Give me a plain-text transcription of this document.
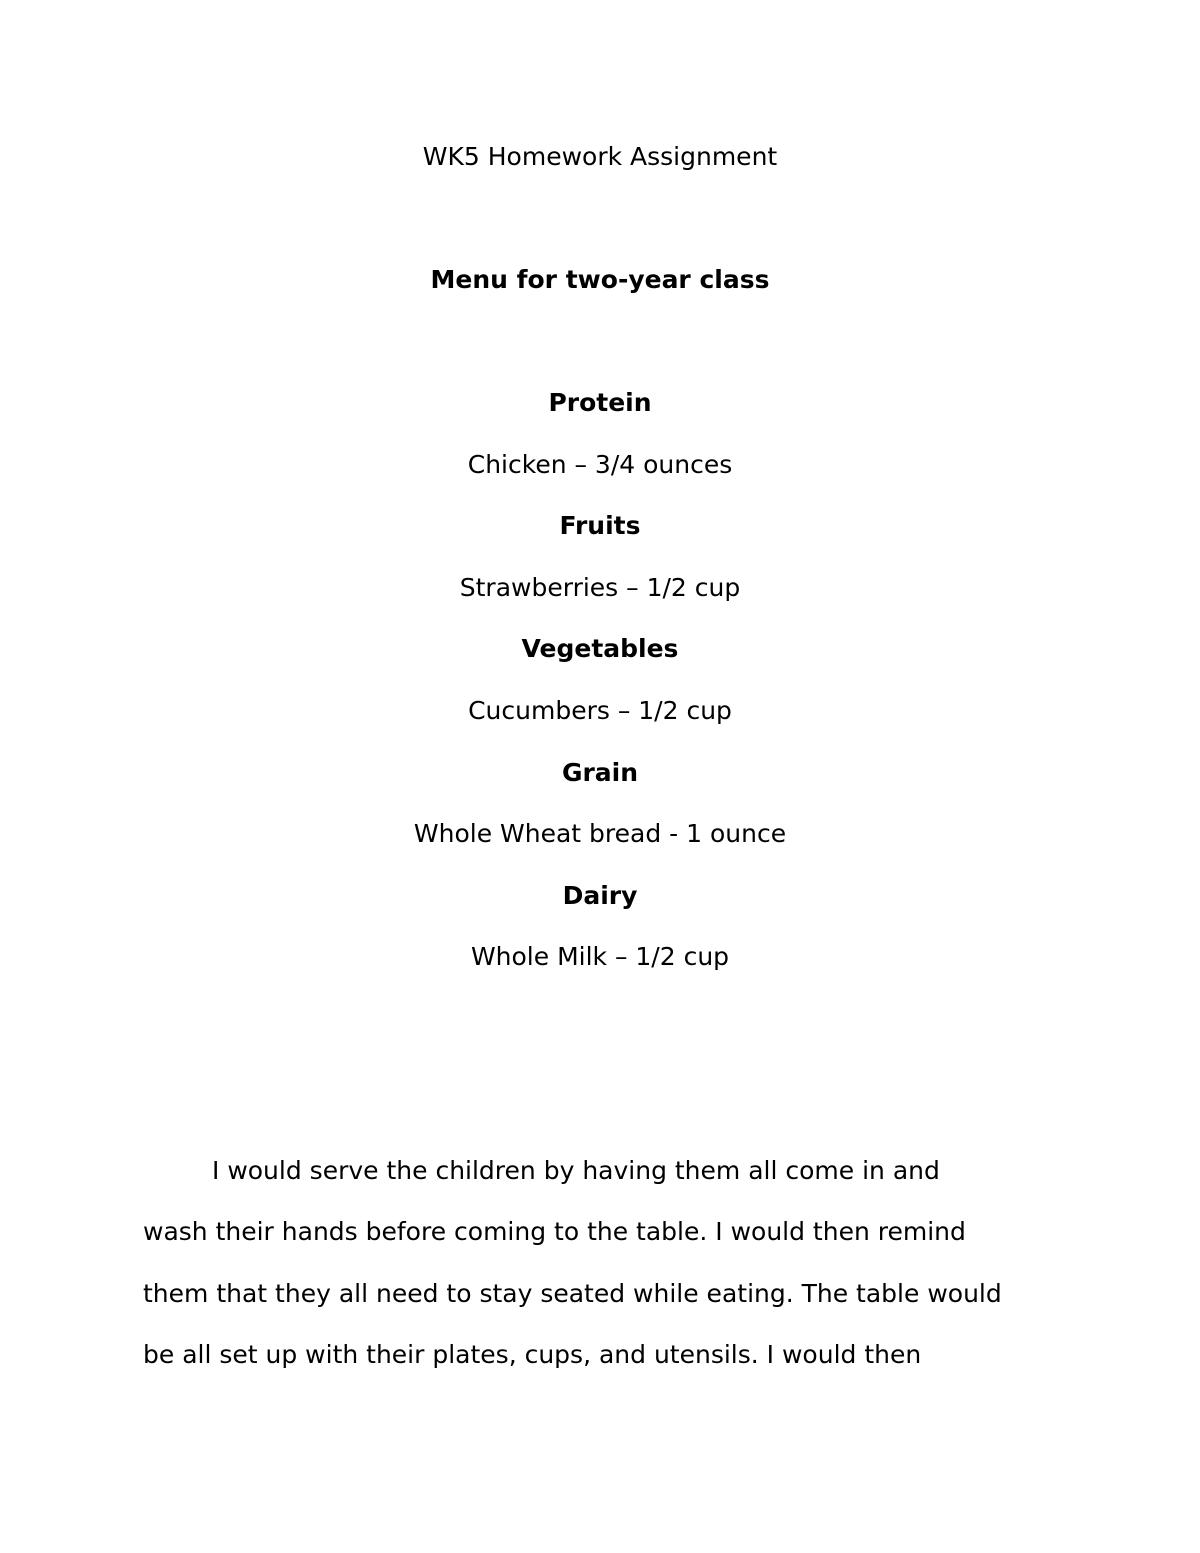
WK5 Homework Assignment
Menu for two-year class
Protein
Chicken – 3/4 ounces
Fruits
Strawberries – 1/2 cup
Vegetables
Cucumbers – 1/2 cup
Grain
Whole Wheat bread - 1 ounce
Dairy
Whole Milk – 1/2 cup
I would serve the children by having them all come in and
wash their hands before coming to the table. I would then remind
them that they all need to stay seated while eating. The table would
be all set up with their plates, cups, and utensils. I would then
